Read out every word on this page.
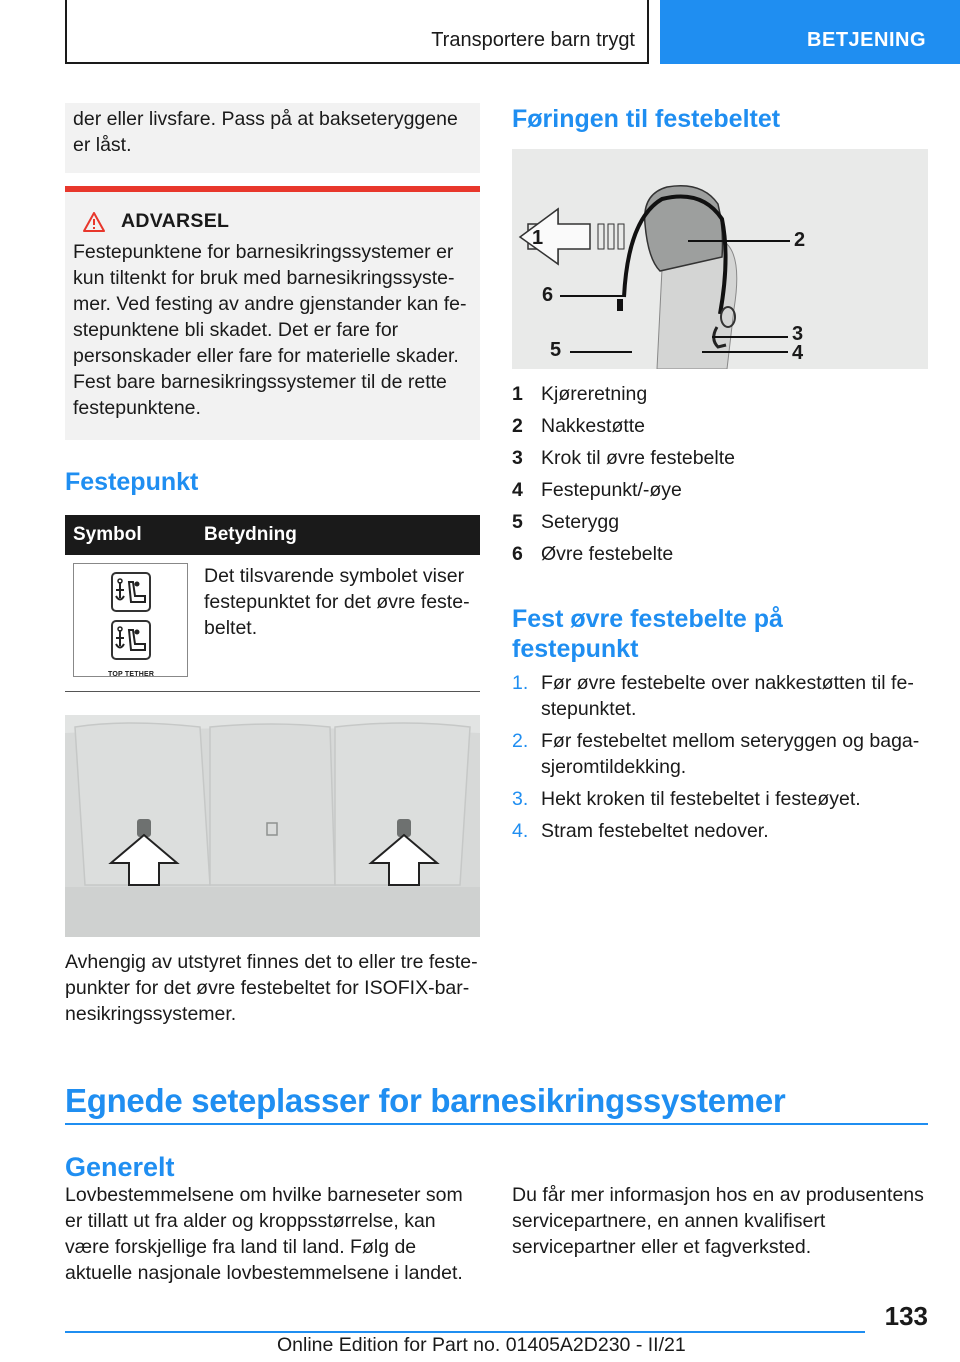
Transportere barn trygt	BETJENING

der eller livsfare. Pass på at bakseteryggene er låst.

ADVARSEL

Festepunktene for barnesikringssystemer er kun tiltenkt for bruk med barnesikringssystemer. Ved festing av andre gjenstander kan festepunktene bli skadet. Det er fare for personskader eller fare for materielle skader. Fest bare barnesikringssystemer til de rette festepunktene.

Festepunkt
Symbol	Betydning

TOP TETHER	Det tilsvarende symbolet viser festepunktet for det øvre festebeltet.

Avhengig av utstyret finnes det to eller tre festepunkter for det øvre festebeltet for ISOFIX-barnesikringssystemer.

Føringen til festebeltet
1	2
6
3
4
5
1 Kjøreretning
2 Nakkestøtte
3 Krok til øvre festebelte
4 Festepunkt/-øye
5 Seterygg
6 Øvre festebelte
Fest øvre festebelte på festepunkt
1. Før øvre festebelte over nakkestøtten til festepunktet.
2. Før festebeltet mellom seteryggen og bagasjeromtildekking.
3. Hekt kroken til festebeltet i festeøyet.
4. Stram festebeltet nedover.
Egnede seteplasser for barnesikringssystemer
Generelt

Lovbestemmelsene om hvilke barneseter som er tillatt ut fra alder og kroppsstørrelse, kan være forskjellige fra land til land. Følg de aktuelle nasjonale lovbestemmelsene i landet.

Du får mer informasjon hos en av produsentens servicepartnere, en annen kvalifisert servicepartner eller et fagverksted.

133
Online Edition for Part no. 01405A2D230 - II/21
